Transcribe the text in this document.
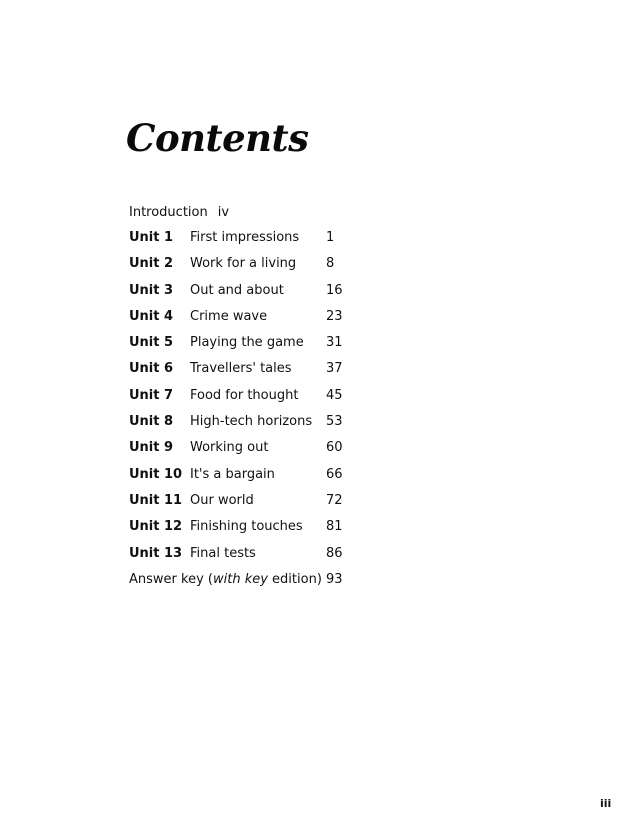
Contents
Introduction iv
Unit 1 First impressions 1
Unit 2 Work for a living 8
Unit 3 Out and about	16
Unit 4 Crime wave	23
Unit 5 Playing the game 31
Unit 6 Travellers' tales	37
Unit 7 Food for thought 45
Unit 8 High-tech horizons 53
Unit 9 Working out	60
Unit 10 It's a bargain	66
Unit 11 Our world	72
Unit 12 Finishing touches 81
Unit 13 Final tests	86
Answer key (with key edition) 93
iii
